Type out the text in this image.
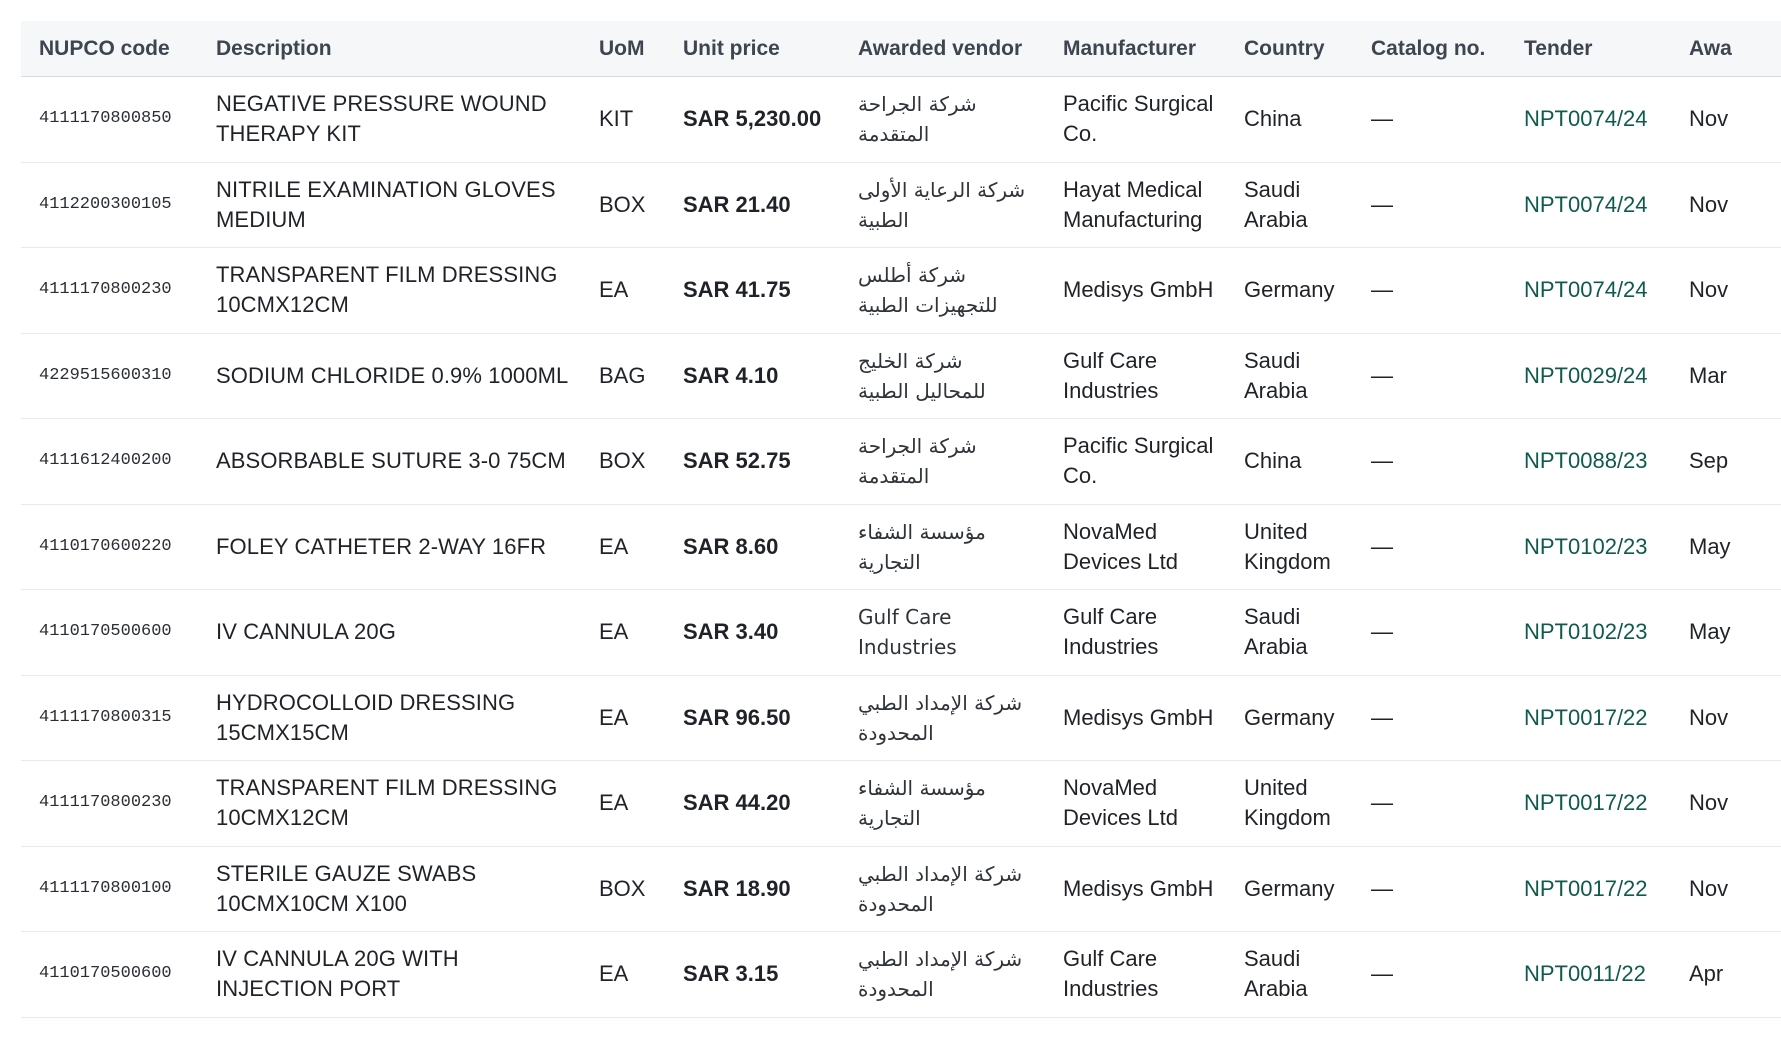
NUPCO code	Description	UoM	Unit price	Awarded vendor	Manufacturer	Country	Catalog no.	Tender	Awa

4111170800850	NEGATIVE PRESSURE WOUND THERAPY KIT	KIT	SAR 5,230.00	شركة الجراحة المتقدمة	Pacific Surgical Co.	China	—	NPT0074/24	Nov

4112200300105	NITRILE EXAMINATION GLOVES MEDIUM	BOX	SAR 21.40	شركة الرعاية الأولى الطبية	Hayat Medical Manufacturing	Saudi Arabia	—	NPT0074/24	Nov

4111170800230	TRANSPARENT FILM DRESSING 10CMX12CM	EA	SAR 41.75	شركة أطلس للتجهيزات الطبية	Medisys GmbH	Germany	—	NPT0074/24	Nov

4229515600310	SODIUM CHLORIDE 0.9% 1000ML	BAG	SAR 4.10	شركة الخليج للمحاليل الطبية	Gulf Care Industries	Saudi Arabia	—	NPT0029/24	Mar

4111612400200	ABSORBABLE SUTURE 3-0 75CM	BOX	SAR 52.75	شركة الجراحة المتقدمة	Pacific Surgical Co.	China	—	NPT0088/23	Sep

4110170600220	FOLEY CATHETER 2-WAY 16FR	EA	SAR 8.60	مؤسسة الشفاء التجارية	NovaMed Devices Ltd	United Kingdom	—	NPT0102/23	May

4110170500600	IV CANNULA 20G	EA	SAR 3.40	Gulf Care Industries	Gulf Care Industries	Saudi Arabia	—	NPT0102/23	May

4111170800315	HYDROCOLLOID DRESSING 15CMX15CM	EA	SAR 96.50	شركة الإمداد الطبي المحدودة	Medisys GmbH	Germany	—	NPT0017/22	Nov

4111170800230	TRANSPARENT FILM DRESSING 10CMX12CM	EA	SAR 44.20	مؤسسة الشفاء التجارية	NovaMed Devices Ltd	United Kingdom	—	NPT0017/22	Nov

4111170800100	STERILE GAUZE SWABS 10CMX10CM X100	BOX	SAR 18.90	شركة الإمداد الطبي المحدودة	Medisys GmbH	Germany	—	NPT0017/22	Nov

4110170500600	IV CANNULA 20G WITH INJECTION PORT	EA	SAR 3.15	شركة الإمداد الطبي المحدودة	Gulf Care Industries	Saudi Arabia	—	NPT0011/22	Apr
